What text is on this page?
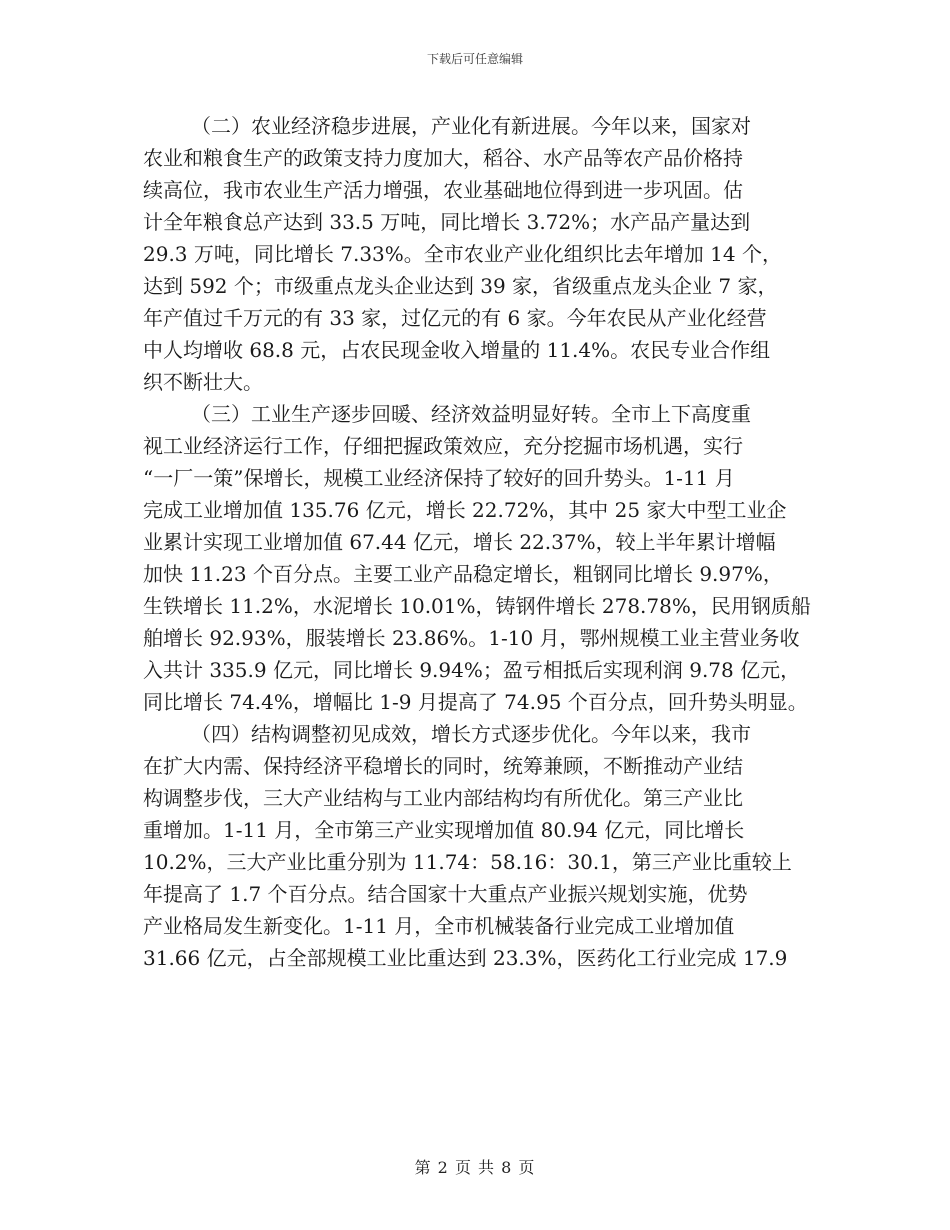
下载后可任意编辑
（二）农业经济稳步进展，产业化有新进展。今年以来，国家对
农业和粮食生产的政策支持力度加大，稻谷、水产品等农产品价格持
续高位，我市农业生产活力增强，农业基础地位得到进一步巩固。估
计全年粮食总产达到 33.5 万吨，同比增长 3.72%；水产品产量达到
29.3 万吨，同比增长 7.33%。全市农业产业化组织比去年增加 14 个，
达到 592 个；市级重点龙头企业达到 39 家，省级重点龙头企业 7 家，
年产值过千万元的有 33 家，过亿元的有 6 家。今年农民从产业化经营
中人均增收 68.8 元，占农民现金收入增量的 11.4%。农民专业合作组
织不断壮大。
（三）工业生产逐步回暖、经济效益明显好转。全市上下高度重
视工业经济运行工作，仔细把握政策效应，充分挖掘市场机遇，实行
“一厂一策”保增长，规模工业经济保持了较好的回升势头。1-11 月
完成工业增加值 135.76 亿元，增长 22.72%，其中 25 家大中型工业企
业累计实现工业增加值 67.44 亿元，增长 22.37%，较上半年累计增幅
加快 11.23 个百分点。主要工业产品稳定增长，粗钢同比增长 9.97%，
生铁增长 11.2%，水泥增长 10.01%，铸钢件增长 278.78%，民用钢质船
舶增长 92.93%，服装增长 23.86%。1-10 月，鄂州规模工业主营业务收
入共计 335.9 亿元，同比增长 9.94%；盈亏相抵后实现利润 9.78 亿元，
同比增长 74.4%，增幅比 1-9 月提高了 74.95 个百分点，回升势头明显。
（四）结构调整初见成效，增长方式逐步优化。今年以来，我市
在扩大内需、保持经济平稳增长的同时，统筹兼顾，不断推动产业结
构调整步伐，三大产业结构与工业内部结构均有所优化。第三产业比
重增加。1-11 月，全市第三产业实现增加值 80.94 亿元，同比增长
10.2%，三大产业比重分别为 11.74：58.16：30.1，第三产业比重较上
年提高了 1.7 个百分点。结合国家十大重点产业振兴规划实施，优势
产业格局发生新变化。1-11 月，全市机械装备行业完成工业增加值
31.66 亿元，占全部规模工业比重达到 23.3%，医药化工行业完成 17.9
第 2 页 共 8 页
